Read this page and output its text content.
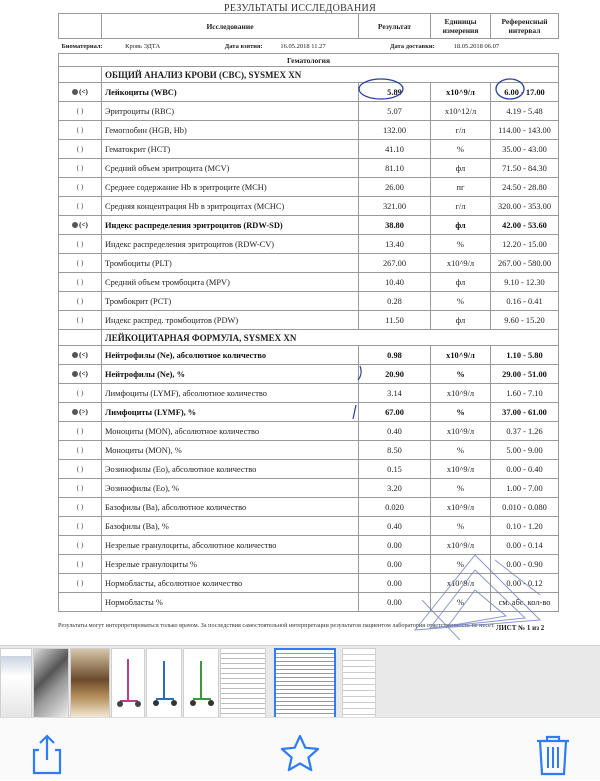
РЕЗУЛЬТАТЫ ИССЛЕДОВАНИЯ
	Исследование	Результат	Единицы измерения	Референсный интервал
Биоматериал: Кровь ЭДТА Дата взятия: 16.05.2018 11.27 Дата доставки: 18.05.2018 06.07				
Гематология				
	ОБЩИЙ АНАЛИЗ КРОВИ (CBC), SYSMEX XN			
(<)	Лейкоциты (WBC)	5.89	x10^9/л	6.00 - 17.00
( )	Эритроциты (RBC)	5.07	x10^12/л	4.19 - 5.48
( )	Гемоглобин (HGB, Hb)	132.00	г/л	114.00 - 143.00
( )	Гематокрит (HCT)	41.10	%	35.00 - 43.00
( )	Средний объем эритроцита (MCV)	81.10	фл	71.50 - 84.30
( )	Среднее содержание Hb в эритроците (MCH)	26.00	пг	24.50 - 28.80
( )	Средняя концентрация Hb в эритроцитах (MCHC)	321.00	г/л	320.00 - 353.00
(<)	Индекс распределения эритроцитов (RDW-SD)	38.80	фл	42.00 - 53.60
( )	Индекс распределения эритроцитов (RDW-CV)	13.40	%	12.20 - 15.00
( )	Тромбоциты (PLT)	267.00	x10^9/л	267.00 - 580.00
( )	Средний объем тромбоцита (MPV)	10.40	фл	9.10 - 12.30
( )	Тромбокрит (PCT)	0.28	%	0.16 - 0.41
( )	Индекс распред. тромбоцитов (PDW)	11.50	фл	9.60 - 15.20
	ЛЕЙКОЦИТАРНАЯ ФОРМУЛА, SYSMEX XN			
(<)	Нейтрофилы (Ne), абсолютное количество	0.98	x10^9/л	1.10 - 5.80
(<)	Нейтрофилы (Ne), %	20.90	%	29.00 - 51.00
( )	Лимфоциты (LYMF), абсолютное количество	3.14	x10^9/л	1.60 - 7.10
(>)	Лимфоциты (LYMF), %	67.00	%	37.00 - 61.00
( )	Моноциты (MON), абсолютное количество	0.40	x10^9/л	0.37 - 1.26
( )	Моноциты (MON), %	8.50	%	5.00 - 9.00
( )	Эозинофилы (Eo), абсолютное количество	0.15	x10^9/л	0.00 - 0.40
( )	Эозинофилы (Eo), %	3.20	%	1.00 - 7.00
( )	Базофилы (Ba), абсолютное количество	0.020	x10^9/л	0.010 - 0.080
( )	Базофилы (Ba), %	0.40	%	0.10 - 1.20
( )	Незрелые гранулоциты, абсолютное количество	0.00	x10^9/л	0.00 - 0.14
( )	Незрелые гранулоциты %	0.00	%	0.00 - 0.90
( )	Нормобласты, абсолютное количество	0.00	x10^9/л	0.00 - 0.12
	Нормобласты %	0.00	%	см. абс. кол-во
Результаты могут интерпретироваться только врачом. За последствия самостоятельной интерпретации результатов пациентом лаборатория ответственность не несет. ЛИСТ № 1 из 2
